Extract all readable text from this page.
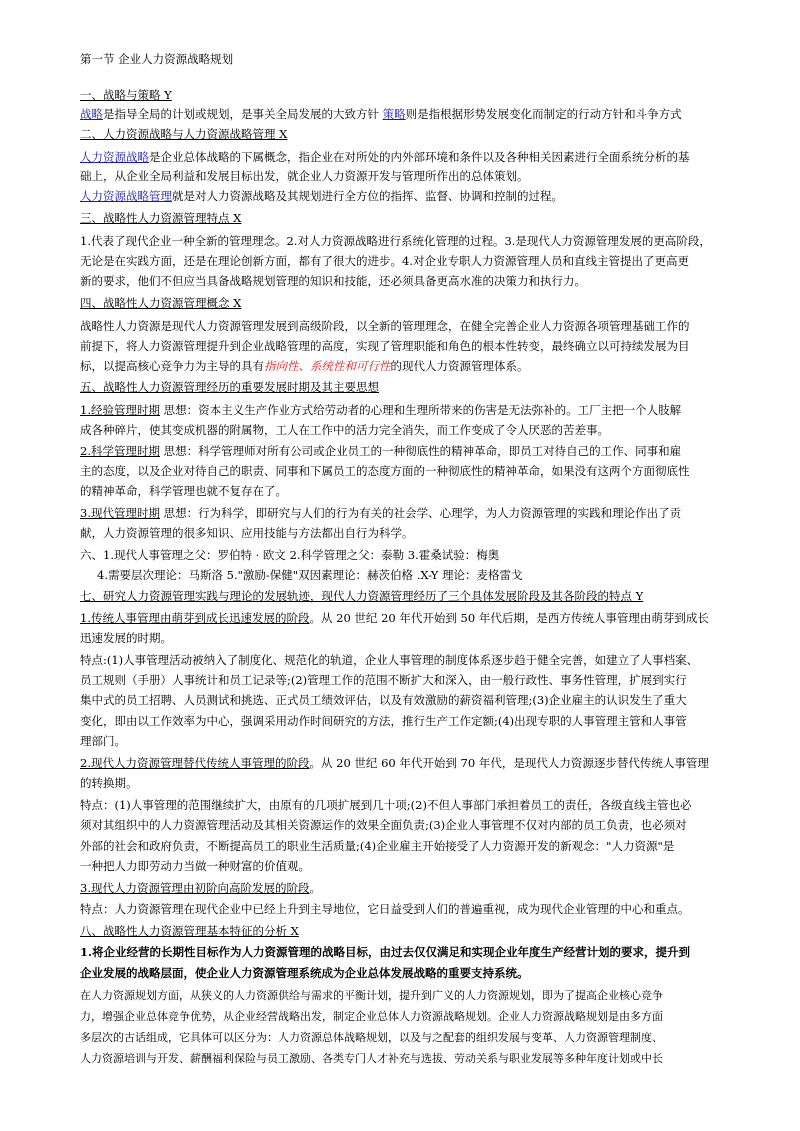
第一节 企业人力资源战略规划
一、战略与策略 Y
战略是指导全局的计划或规划，是事关全局发展的大致方针 策略则是指根据形势发展变化而制定的行动方针和斗争方式
二、人力资源战略与人力资源战略管理 X
人力资源战略是企业总体战略的下属概念，指企业在对所处的内外部环境和条件以及各种相关因素进行全面系统分析的基
础上，从企业全局利益和发展目标出发，就企业人力资源开发与管理所作出的总体策划。
人力资源战略管理就是对人力资源战略及其规划进行全方位的指挥、监督、协调和控制的过程。
三、战略性人力资源管理特点 X
1.代表了现代企业一种全新的管理理念。2.对人力资源战略进行系统化管理的过程。3.是现代人力资源管理发展的更高阶段，
无论是在实践方面，还是在理论创新方面，都有了很大的进步。4.对企业专职人力资源管理人员和直线主管提出了更高更
新的要求，他们不但应当具备战略规划管理的知识和技能，还必须具备更高水准的决策力和执行力。
四、战略性人力资源管理概念 X
战略性人力资源是现代人力资源管理发展到高级阶段，以全新的管理理念，在健全完善企业人力资源各项管理基础工作的
前提下，将人力资源管理提升到企业战略管理的高度，实现了管理职能和角色的根本性转变，最终确立以可持续发展为目
标，以提高核心竞争力为主导的具有指向性、系统性和可行性的现代人力资源管理体系。
五、战略性人力资源管理经历的重要发展时期及其主要思想
1.经验管理时期 思想：资本主义生产作业方式给劳动者的心理和生理所带来的伤害是无法弥补的。工厂主把一个人肢解
成各种碎片，使其变成机器的附属物，工人在工作中的活力完全消失，而工作变成了令人厌恶的苦差事。
2.科学管理时期 思想：科学管理师对所有公司或企业员工的一种彻底性的精神革命，即员工对待自己的工作、同事和雇
主的态度，以及企业对待自己的职责、同事和下属员工的态度方面的一种彻底性的精神革命，如果没有这两个方面彻底性
的精神革命，科学管理也就不复存在了。
3.现代管理时期 思想：行为科学，即研究与人们的行为有关的社会学、心理学，为人力资源管理的实践和理论作出了贡
献，人力资源管理的很多知识、应用技能与方法都出自行为科学。
六、1.现代人事管理之父：罗伯特 · 欧文 2.科学管理之父：泰勒 3.霍桑试验：梅奥
4.需要层次理论：马斯洛 5."激励-保健"双因素理论：赫茨伯格 .X-Y 理论：麦格雷戈
七、研究人力资源管理实践与理论的发展轨迹，现代人力资源管理经历了三个具体发展阶段及其各阶段的特点 Y
1.传统人事管理由萌芽到成长迅速发展的阶段。从 20 世纪 20 年代开始到 50 年代后期，是西方传统人事管理由萌芽到成长
迅速发展的时期。
特点:(1)人事管理活动被纳入了制度化、规范化的轨道，企业人事管理的制度体系逐步趋于健全完善，如建立了人事档案、
员工规则（手册）人事统计和员工记录等;(2)管理工作的范围不断扩大和深入，由一般行政性、事务性管理，扩展到实行
集中式的员工招聘、人员测试和挑选、正式员工绩效评估，以及有效激励的薪资福利管理;(3)企业雇主的认识发生了重大
变化，即由以工作效率为中心，强调采用动作时间研究的方法，推行生产工作定额;(4)出现专职的人事管理主管和人事管
理部门。
2.现代人力资源管理替代传统人事管理的阶段。从 20 世纪 60 年代开始到 70 年代，是现代人力资源逐步替代传统人事管理
的转换期。
特点：(1)人事管理的范围继续扩大，由原有的几项扩展到几十项;(2)不但人事部门承担着员工的责任，各级直线主管也必
须对其组织中的人力资源管理活动及其相关资源运作的效果全面负责;(3)企业人事管理不仅对内部的员工负责，也必须对
外部的社会和政府负责，不断提高员工的职业生活质量;(4)企业雇主开始接受了人力资源开发的新观念："人力资源"是
一种把人力即劳动力当做一种财富的价值观。
3.现代人力资源管理由初阶向高阶发展的阶段。
特点：人力资源管理在现代企业中已经上升到主导地位，它日益受到人们的普遍重视，成为现代企业管理的中心和重点。
八、战略性人力资源管理基本特征的分析 X
1.将企业经营的长期性目标作为人力资源管理的战略目标，由过去仅仅满足和实现企业年度生产经营计划的要求，提升到
企业发展的战略层面，使企业人力资源管理系统成为企业总体发展战略的重要支持系统。
在人力资源规划方面，从狭义的人力资源供给与需求的平衡计划，提升到广义的人力资源规划，即为了提高企业核心竞争
力，增强企业总体竞争优势，从企业经营战略出发，制定企业总体人力资源战略规划。企业人力资源战略规划是由多方面
多层次的古话组成，它具体可以区分为：人力资源总体战略规划，以及与之配套的组织发展与变革、人力资源管理制度、
人力资源培训与开发、薪酬福利保险与员工激励、各类专门人才补充与选拔、劳动关系与职业发展等多种年度计划或中长
